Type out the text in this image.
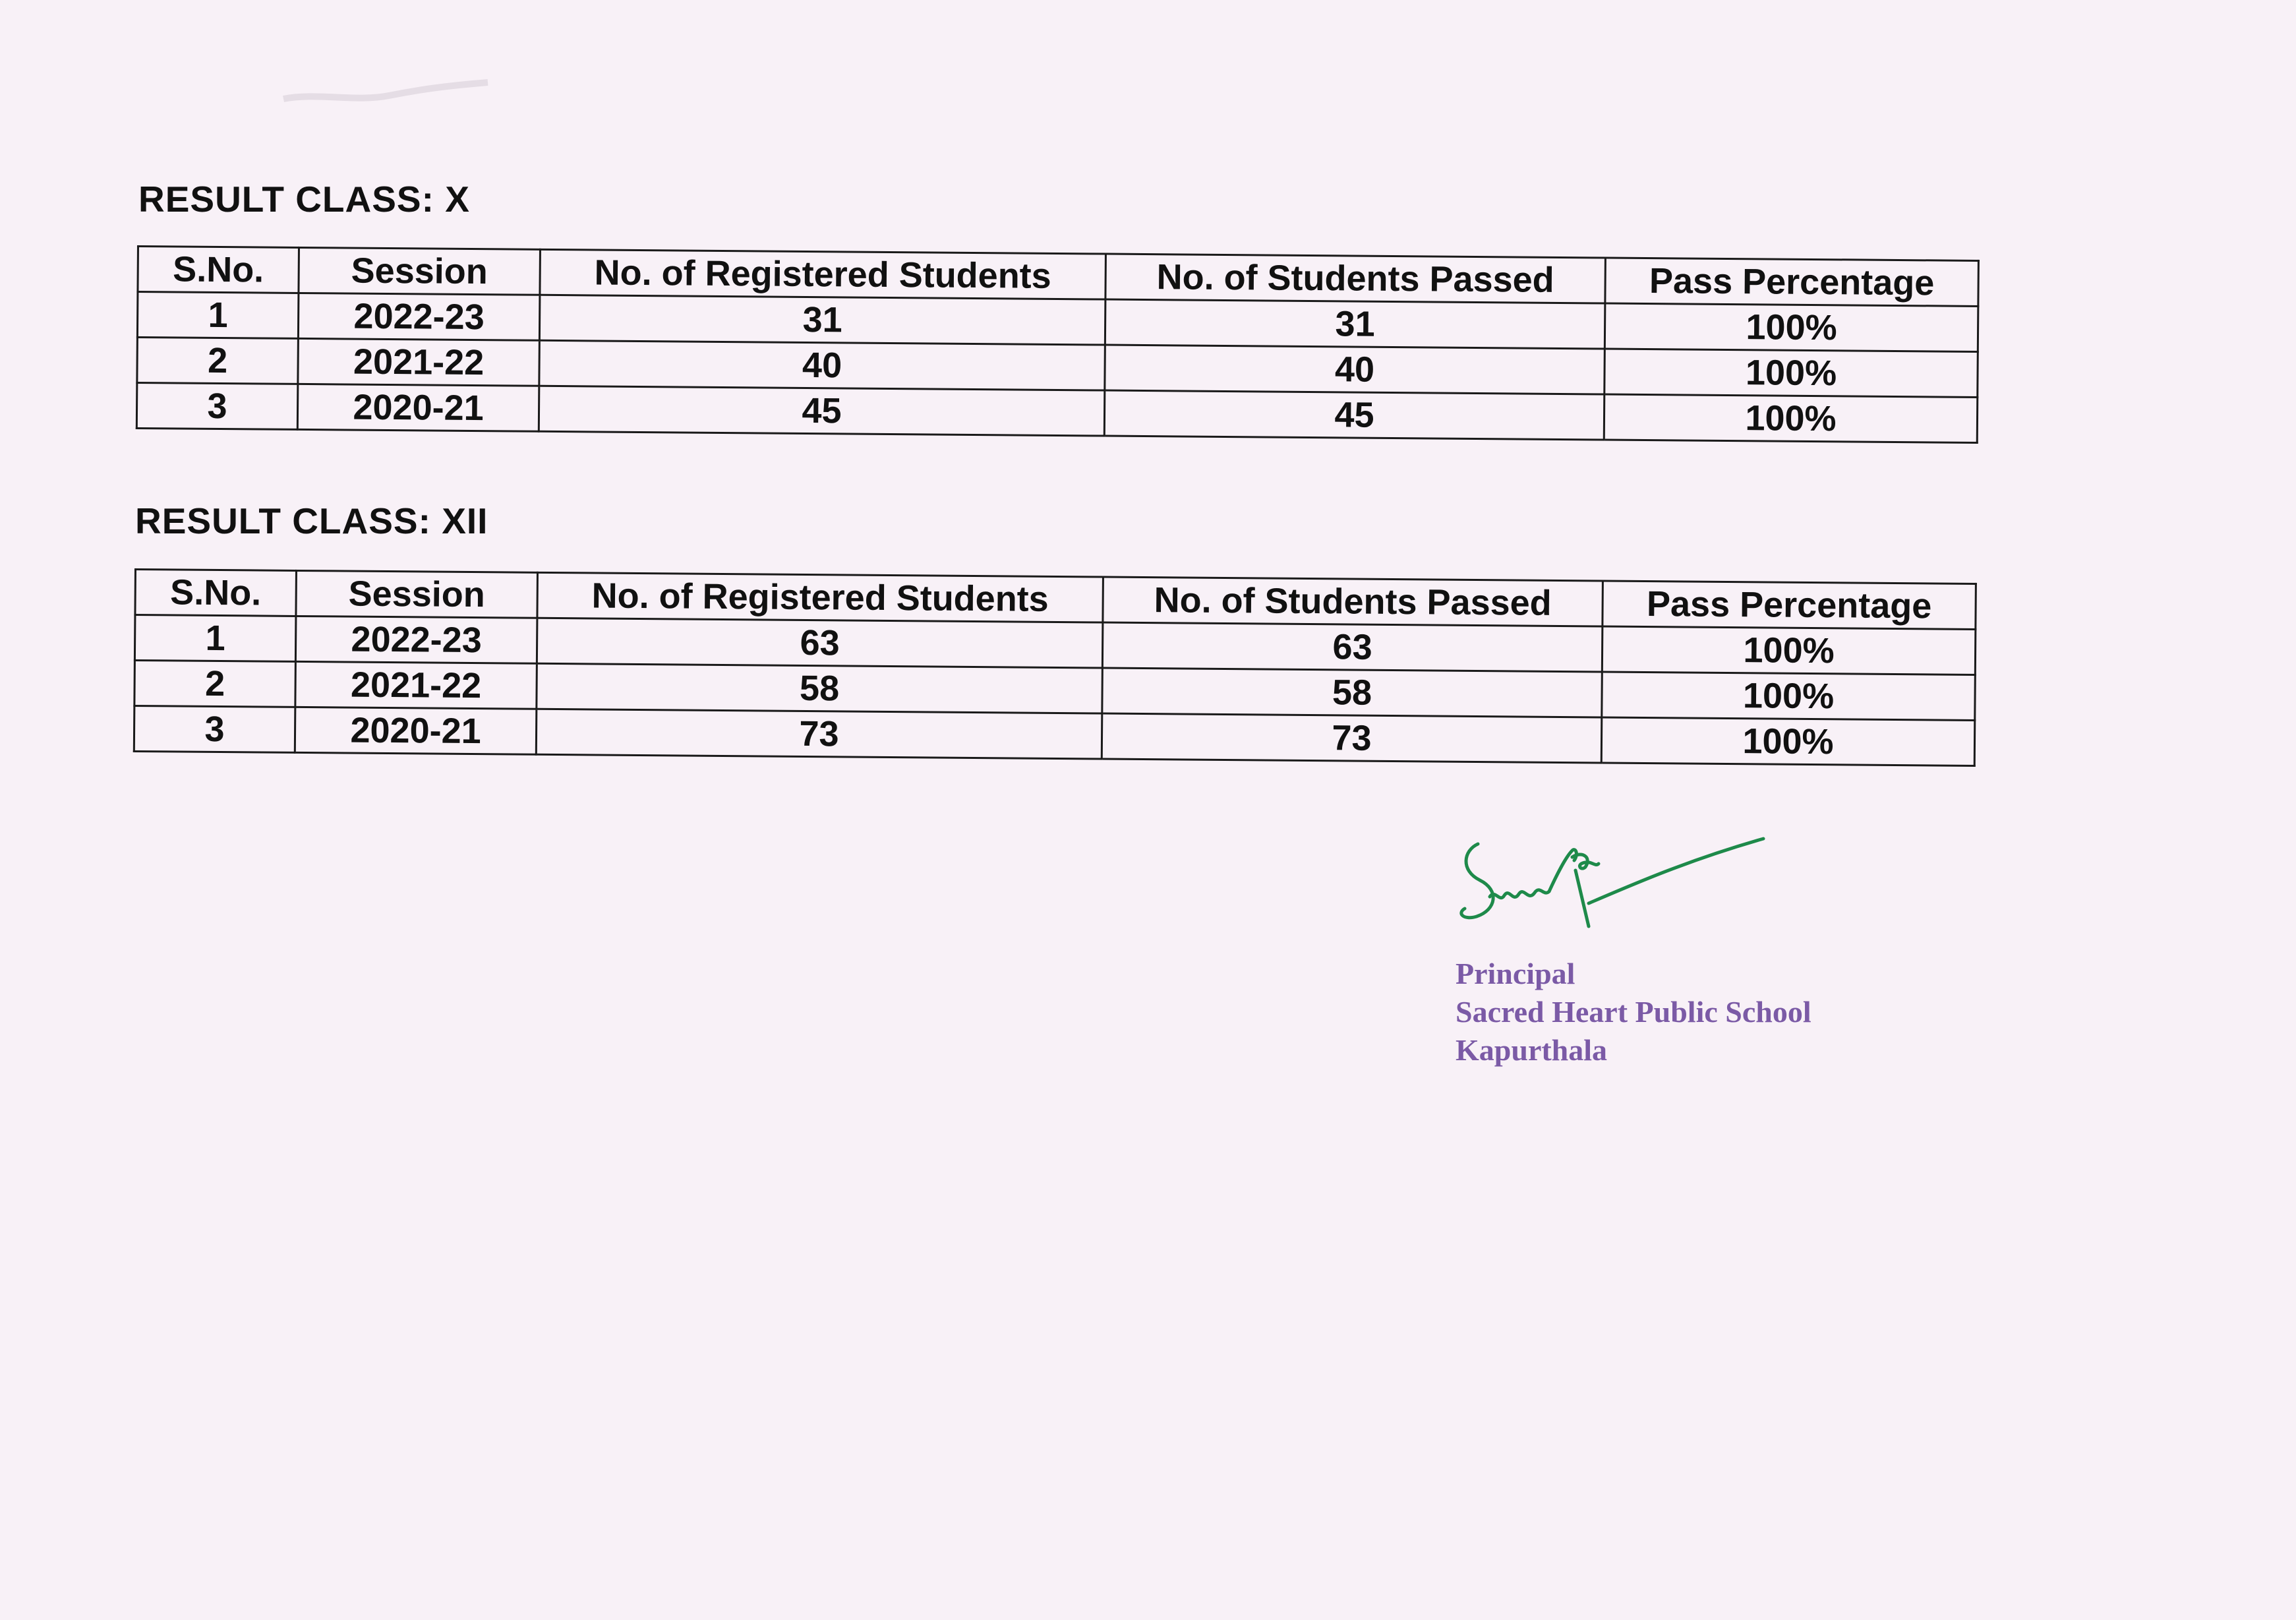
RESULT CLASS: X
S.No.	Session	No. of Registered Students	No. of Students Passed	Pass Percentage
1	2022-23	31	31	100%
2	2021-22	40	40	100%
3	2020-21	45	45	100%
RESULT CLASS: XII
S.No.	Session	No. of Registered Students	No. of Students Passed	Pass Percentage
1	2022-23	63	63	100%
2	2021-22	58	58	100%
3	2020-21	73	73	100%
Principal
Sacred Heart Public School
Kapurthala
